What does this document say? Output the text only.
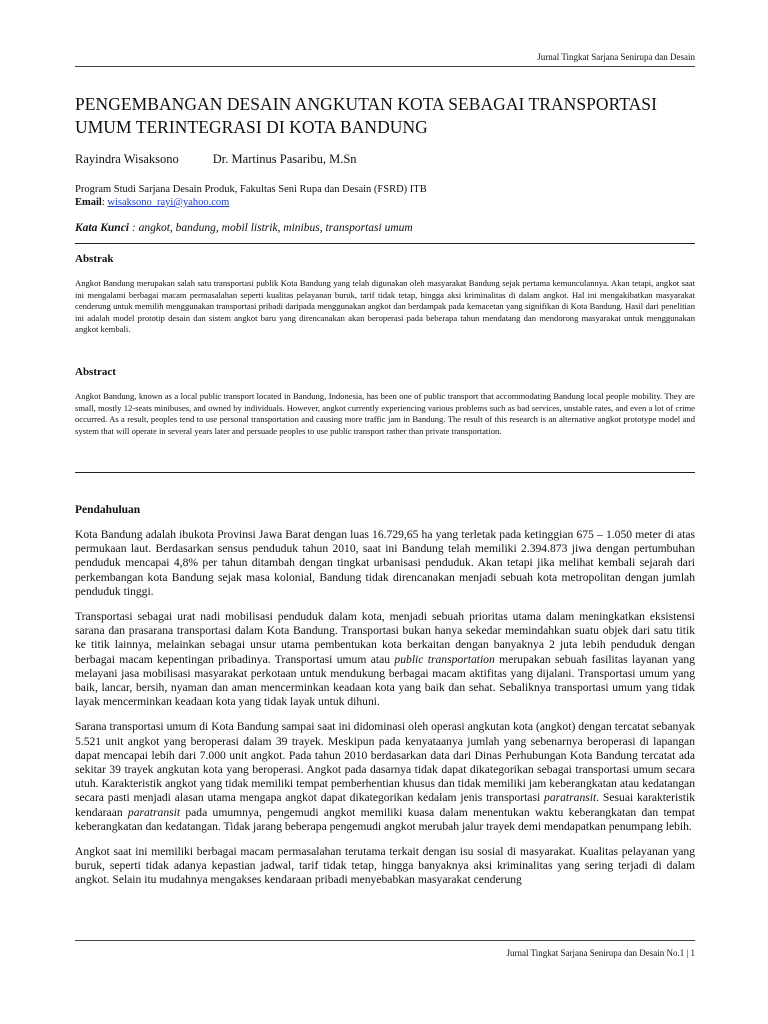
Jurnal Tingkat Sarjana Senirupa dan Desain
PENGEMBANGAN DESAIN ANGKUTAN KOTA SEBAGAI TRANSPORTASI
UMUM TERINTEGRASI DI KOTA BANDUNG
Rayindra Wisaksono	Dr. Martinus Pasaribu, M.Sn
Program Studi Sarjana Desain Produk, Fakultas Seni Rupa dan Desain (FSRD) ITB
Email: wisaksono_rayi@yahoo.com
Kata Kunci : angkot, bandung, mobil listrik, minibus, transportasi umum
Abstrak

Angkot Bandung merupakan salah satu transportasi publik Kota Bandung yang telah digunakan oleh masyarakat Bandung sejak pertama kemunculannya. Akan tetapi, angkot saat ini mengalami berbagai macam permasalahan seperti kualitas pelayanan buruk, tarif tidak tetap, hingga aksi kriminalitas di dalam angkot. Hal ini mengakibatkan masyarakat cenderung untuk memilih menggunakan transportasi pribadi daripada menggunakan angkot dan berdampak pada kemacetan yang signifikan di Kota Bandung. Hasil dari penelitian ini adalah model prototip desain dan sistem angkot baru yang direncanakan akan beroperasi pada beberapa tahun mendatang dan mendorong masyarakat untuk menggunakan angkot kembali.

Abstract

Angkot Bandung, known as a local public transport located in Bandung, Indonesia, has been one of public transport that accommodating Bandung local people mobility. They are small, mostly 12-seats minibuses, and owned by individuals. However, angkot currently experiencing various problems such as bad services, unstable rates, and even a lot of crime occurred. As a result, peoples tend to use personal transportation and causing more traffic jam in Bandung. The result of this research is an alternative angkot prototype model and system that will operate in several years later and persuade peoples to use public transport rather than private transportation.

Pendahuluan

Kota Bandung adalah ibukota Provinsi Jawa Barat dengan luas 16.729,65 ha yang terletak pada ketinggian 675 – 1.050 meter di atas permukaan laut. Berdasarkan sensus penduduk tahun 2010, saat ini Bandung telah memiliki 2.394.873 jiwa dengan pertumbuhan penduduk mencapai 4,8% per tahun ditambah dengan tingkat urbanisasi penduduk. Akan tetapi jika melihat kembali sejarah dari perkembangan kota Bandung sejak masa kolonial, Bandung tidak direncanakan menjadi sebuah kota metropolitan dengan jumlah penduduk tinggi.

Transportasi sebagai urat nadi mobilisasi penduduk dalam kota, menjadi sebuah prioritas utama dalam meningkatkan eksistensi sarana dan prasarana transportasi dalam Kota Bandung. Transportasi bukan hanya sekedar memindahkan suatu objek dari satu titik ke titik lainnya, melainkan sebagai unsur utama pembentukan kota berkaitan dengan banyaknya 2 juta lebih penduduk dengan berbagai macam kepentingan pribadinya. Transportasi umum atau public transportation merupakan sebuah fasilitas layanan yang melayani jasa mobilisasi masyarakat perkotaan untuk mendukung berbagai macam aktifitas yang dijalani. Transportasi umum yang baik, lancar, bersih, nyaman dan aman mencerminkan keadaan kota yang baik dan sehat. Sebaliknya transportasi umum yang tidak layak mencerminkan keadaan kota yang tidak layak untuk dihuni.

Sarana transportasi umum di Kota Bandung sampai saat ini didominasi oleh operasi angkutan kota (angkot) dengan tercatat sebanyak 5.521 unit angkot yang beroperasi dalam 39 trayek. Meskipun pada kenyataanya jumlah yang sebenarnya beroperasi di lapangan dapat mencapai lebih dari 7.000 unit angkot. Pada tahun 2010 berdasarkan data dari Dinas Perhubungan Kota Bandung tercatat ada sekitar 39 trayek angkutan kota yang beroperasi. Angkot pada dasarnya tidak dapat dikategorikan sebagai transportasi umum secara utuh. Karakteristik angkot yang tidak memiliki tempat pemberhentian khusus dan tidak memiliki jam keberangkatan atau kedatangan secara pasti menjadi alasan utama mengapa angkot dapat dikategorikan kedalam jenis transportasi paratransit. Sesuai karakteristik kendaraan paratransit pada umumnya, pengemudi angkot memiliki kuasa dalam menentukan waktu keberangkatan dan tempat keberangkatan dan kedatangan. Tidak jarang beberapa pengemudi angkot merubah jalur trayek demi mendapatkan penumpang lebih.

Angkot saat ini memiliki berbagai macam permasalahan terutama terkait dengan isu sosial di masyarakat. Kualitas pelayanan yang buruk, seperti tidak adanya kepastian jadwal, tarif tidak tetap, hingga banyaknya aksi kriminalitas yang sering terjadi di dalam angkot. Selain itu mudahnya mengakses kendaraan pribadi menyebabkan masyarakat cenderung

Jurnal Tingkat Sarjana Senirupa dan Desain No.1 | 1
